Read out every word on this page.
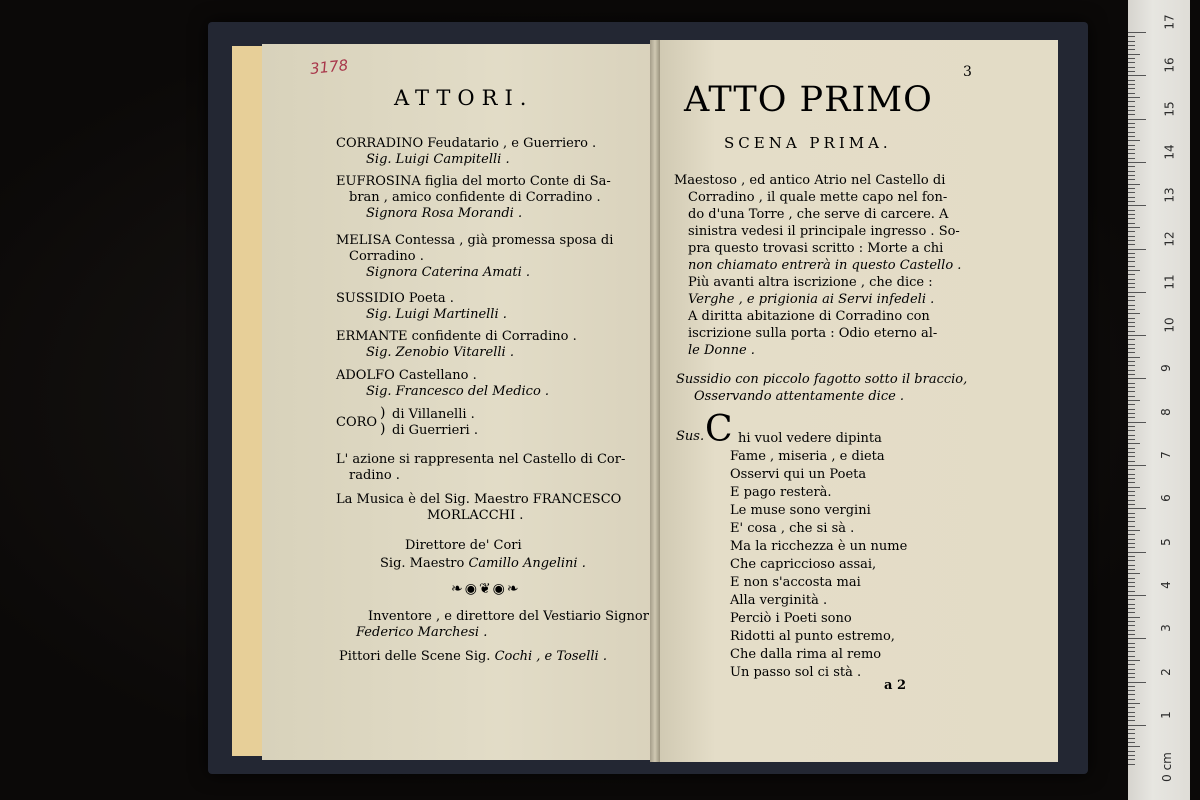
3178
ATTORI.
CORRADINO Feudatario , e Guerriero .
Sig. Luigi Campitelli .
EUFROSINA figlia del morto Conte di Sa-
bran , amico confidente di Corradino .
Signora Rosa Morandi .
MELISA Contessa , già promessa sposa di
Corradino .
Signora Caterina Amati .
SUSSIDIO Poeta .
Sig. Luigi Martinelli .
ERMANTE confidente di Corradino .
Sig. Zenobio Vitarelli .
ADOLFO Castellano .
Sig. Francesco del Medico .
CORO
)
)
di Villanelli .
di Guerrieri .
L' azione si rappresenta nel Castello di Cor-
radino .
La Musica è del Sig. Maestro FRANCESCO
MORLACCHI .
Direttore de' Cori
Sig. Maestro Camillo Angelini .
❧◉❦◉❧
Inventore , e direttore del Vestiario Signor
Federico Marchesi .
Pittori delle Scene Sig. Cochi , e Toselli .
ATTO PRIMO
3
SCENA PRIMA.
Maestoso , ed antico Atrio nel Castello di
Corradino , il quale mette capo nel fon-
do d'una Torre , che serve di carcere. A
sinistra vedesi il principale ingresso . So-
pra questo trovasi scritto : Morte a chi
non chiamato entrerà in questo Castello .
Più avanti altra iscrizione , che dice :
Verghe , e prigionia ai Servi infedeli .
A diritta abitazione di Corradino con
iscrizione sulla porta : Odio eterno al-
le Donne .
Sussidio con piccolo fagotto sotto il braccio,
Osservando attentamente dice .
Sus. C hi vuol vedere dipinta
Fame , miseria , e dieta
Osservi qui un Poeta
E pago resterà.
Le muse sono vergini
E' cosa , che si sà .
Ma la ricchezza è un nume
Che capriccioso assai,
E non s'accosta mai
Alla verginità .
Perciò i Poeti sono
Ridotti al punto estremo,
Che dalla rima al remo
Un passo sol ci stà .
a 2
17
16
15
14
13
12
11
10
9
8
7
6
5
4
3
2
1
0 cm
